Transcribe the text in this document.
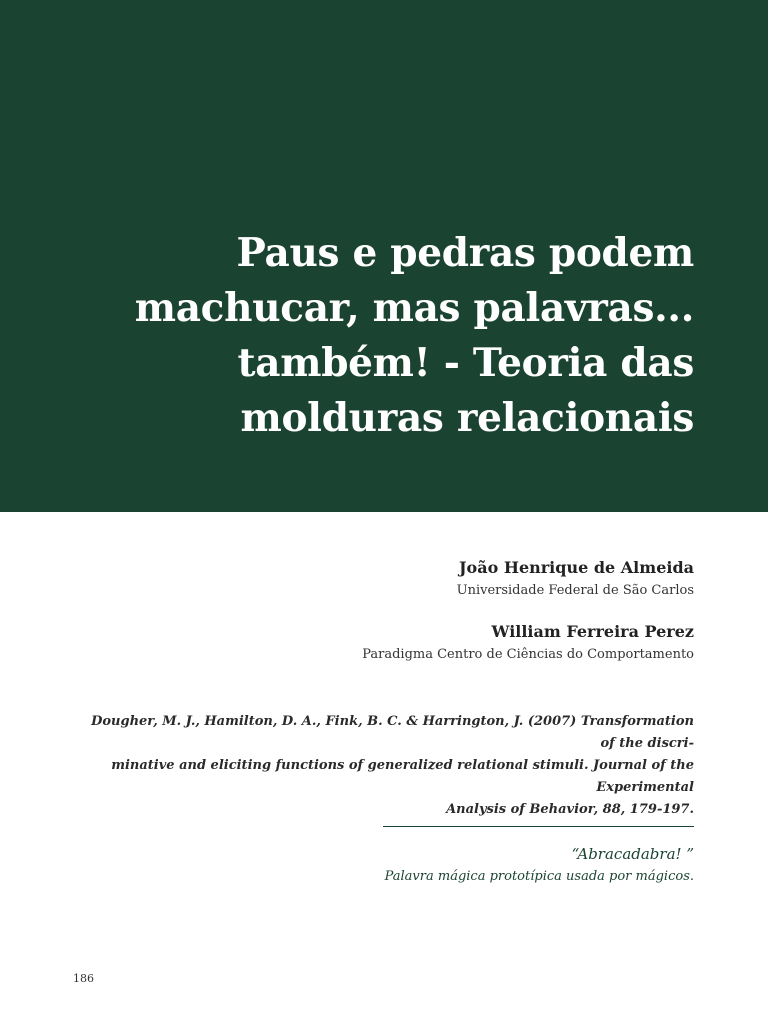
Paus e pedras podem
machucar, mas palavras...
também! - Teoria das
molduras relacionais
João Henrique de Almeida
Universidade Federal de São Carlos
William Ferreira Perez
Paradigma Centro de Ciências do Comportamento
Dougher, M. J., Hamilton, D. A., Fink, B. C. & Harrington, J. (2007) Transformation of the discri-
minative and eliciting functions of generalized relational stimuli. Journal of the Experimental
Analysis of Behavior, 88, 179-197.
“Abracadabra! ”
Palavra mágica prototípica usada por mágicos.
186
